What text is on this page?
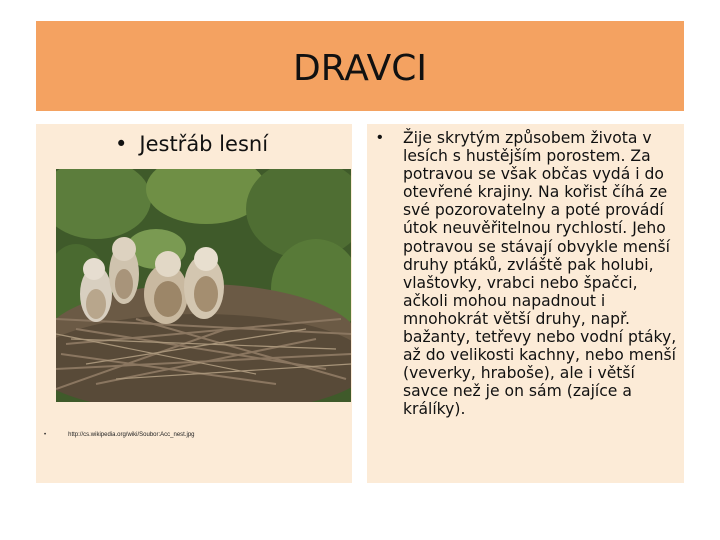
DRAVCI
• Jestřáb lesní
•	http://cs.wikipedia.org/wiki/Soubor:Acc_nest.jpg
• Žije skrytým způsobem života v lesích s hustějším porostem. Za potravou se však občas vydá i do otevřené krajiny. Na kořist číhá ze své pozorovatelny a poté provádí útok neuvěřitelnou rychlostí. Jeho potravou se stávají obvykle menší druhy ptáků, zvláště pak holubi, vlaštovky, vrabci nebo špačci, ačkoli mohou napadnout i mnohokrát větší druhy, např. bažanty, tetřevy nebo vodní ptáky, až do velikosti kachny, nebo menší (veverky, hraboše), ale i větší savce než je on sám (zajíce a králíky).
